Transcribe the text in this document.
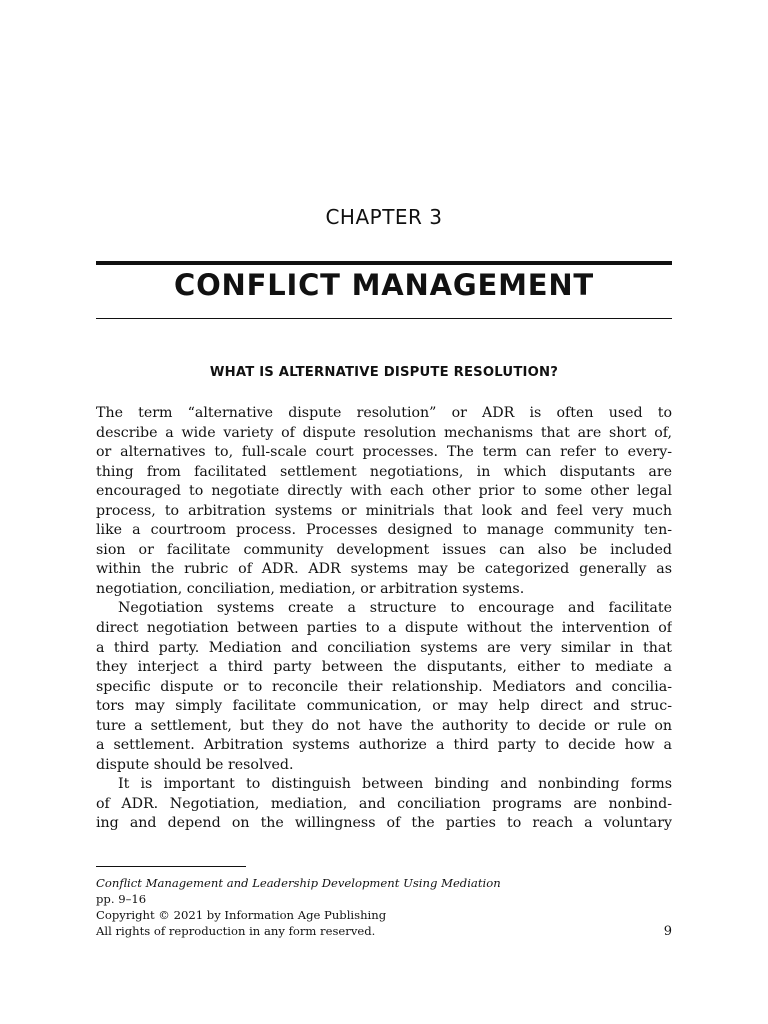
CHAPTER 3
CONFLICT MANAGEMENT
WHAT IS ALTERNATIVE DISPUTE RESOLUTION?
The term “alternative dispute resolution” or ADR is often used to
describe a wide variety of dispute resolution mechanisms that are short of,
or alternatives to, full-scale court processes. The term can refer to every-
thing from facilitated settlement negotiations, in which disputants are
encouraged to negotiate directly with each other prior to some other legal
process, to arbitration systems or minitrials that look and feel very much
like a courtroom process. Processes designed to manage community ten-
sion or facilitate community development issues can also be included
within the rubric of ADR. ADR systems may be categorized generally as
negotiation, conciliation, mediation, or arbitration systems.
Negotiation systems create a structure to encourage and facilitate
direct negotiation between parties to a dispute without the intervention of
a third party. Mediation and conciliation systems are very similar in that
they interject a third party between the disputants, either to mediate a
specific dispute or to reconcile their relationship. Mediators and concilia-
tors may simply facilitate communication, or may help direct and struc-
ture a settlement, but they do not have the authority to decide or rule on
a settlement. Arbitration systems authorize a third party to decide how a
dispute should be resolved.
It is important to distinguish between binding and nonbinding forms
of ADR. Negotiation, mediation, and conciliation programs are nonbind-
ing and depend on the willingness of the parties to reach a voluntary
Conflict Management and Leadership Development Using Mediation
pp. 9–16
Copyright © 2021 by Information Age Publishing
All rights of reproduction in any form reserved.	9
